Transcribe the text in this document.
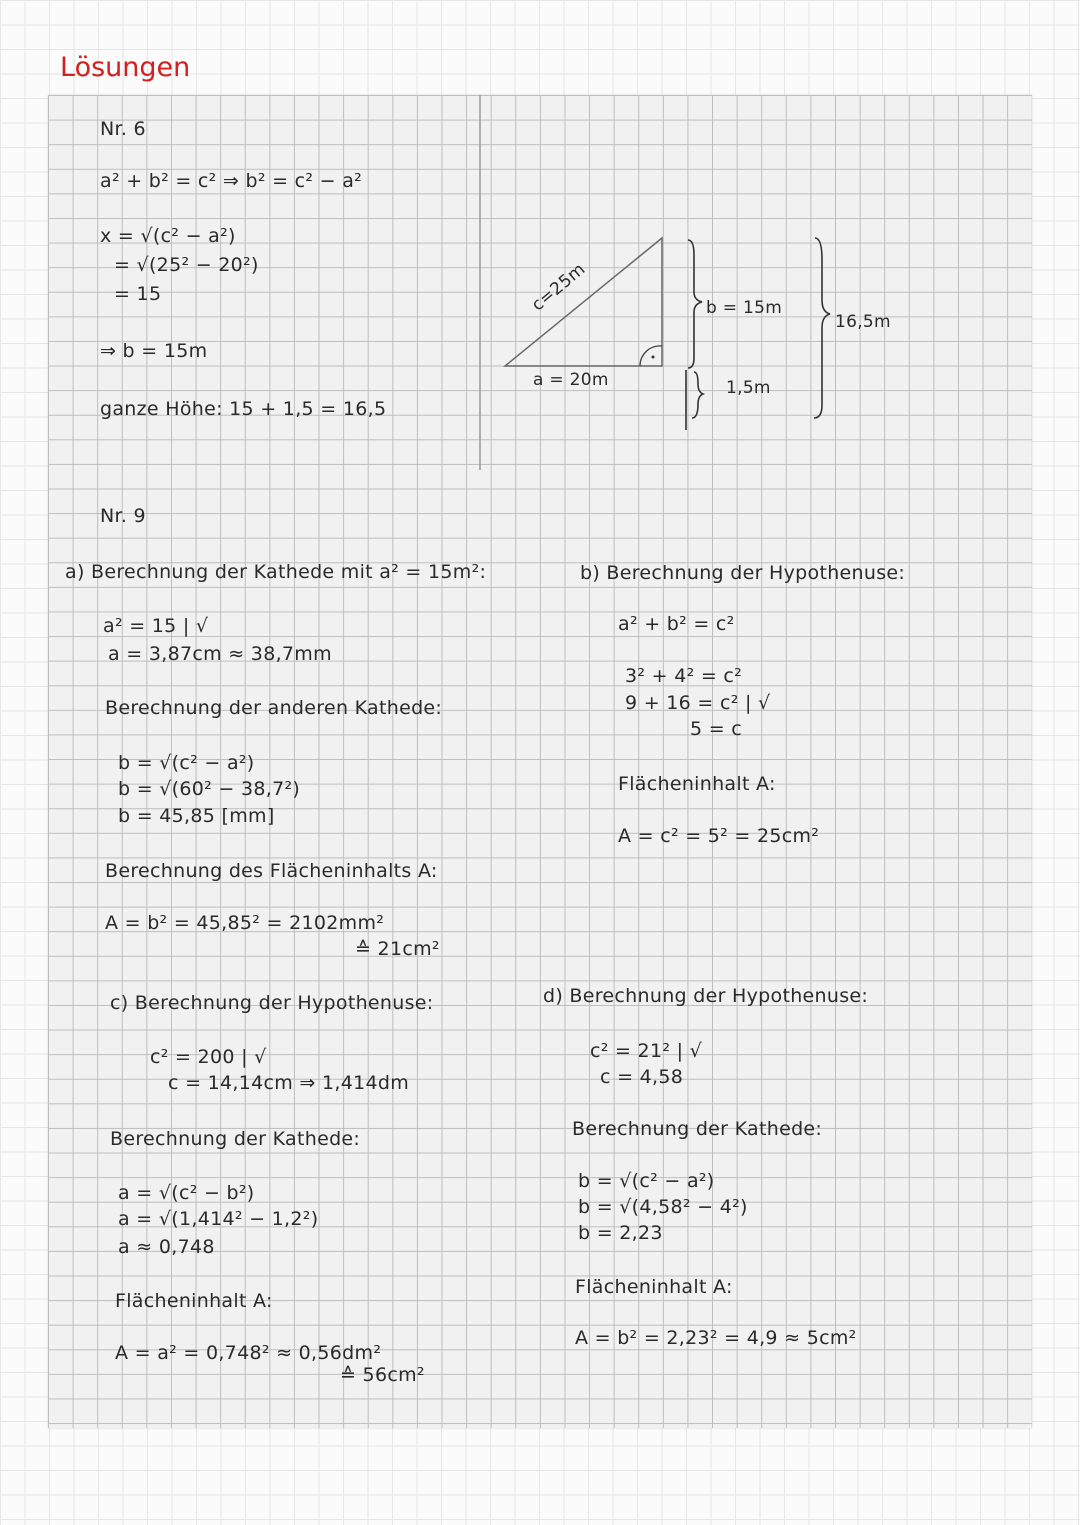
Lösungen
c=25m
a = 20m
b = 15m
16,5m
1,5m
Nr. 6
a² + b² = c² ⇒ b² = c² − a²
x = √(c² − a²)
= √(25² − 20²)
= 15
⇒ b = 15m
ganze Höhe: 15 + 1,5 = 16,5
Nr. 9
a) Berechnung der Kathede mit a² = 15m²:
a² = 15 | √
a = 3,87cm ≈ 38,7mm
Berechnung der anderen Kathede:
b = √(c² − a²)
b = √(60² − 38,7²)
b = 45,85 [mm]
Berechnung des Flächeninhalts A:
A = b² = 45,85² = 2102mm²
≙ 21cm²
b) Berechnung der Hypothenuse:
a² + b² = c²
3² + 4² = c²
9 + 16 = c² | √
5 = c
Flächeninhalt A:
A = c² = 5² = 25cm²
c) Berechnung der Hypothenuse:
c² = 200 | √
c = 14,14cm ⇒ 1,414dm
Berechnung der Kathede:
a = √(c² − b²)
a = √(1,414² − 1,2²)
a ≈ 0,748
Flächeninhalt A:
A = a² = 0,748² ≈ 0,56dm²
≙ 56cm²
d) Berechnung der Hypothenuse:
c² = 21² | √
c = 4,58
Berechnung der Kathede:
b = √(c² − a²)
b = √(4,58² − 4²)
b = 2,23
Flächeninhalt A:
A = b² = 2,23² = 4,9 ≈ 5cm²
